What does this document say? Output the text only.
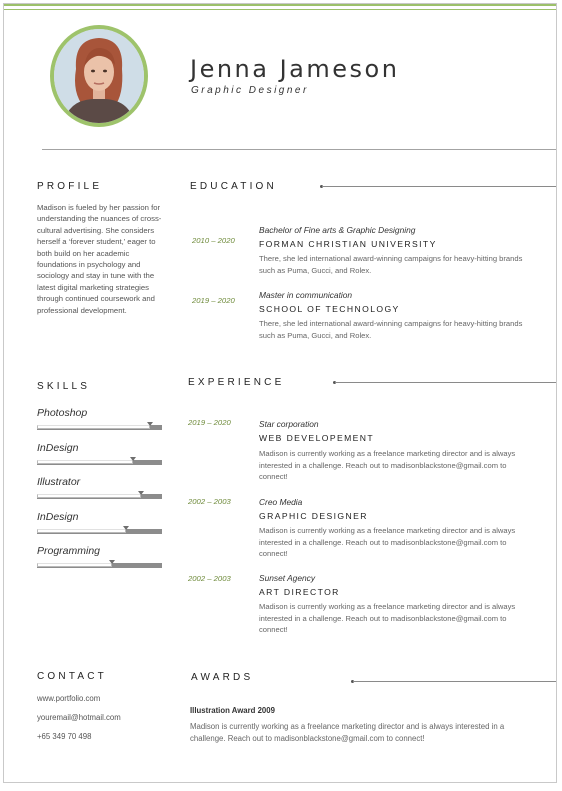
Jenna Jameson
Graphic Designer
PROFILE
Madison is fueled by her passion for understanding the nuances of cross-cultural advertising. She considers herself a ‘forever student,’ eager to both build on her academic foundations in psychology and sociology and stay in tune with the latest digital marketing strategies through continued coursework and professional development.
EDUCATION
2010 – 2020
Bachelor of Fine arts & Graphic Designing
FORMAN CHRISTIAN UNIVERSITY
There, she led international award-winning campaigns for heavy-hitting brands such as Puma, Gucci, and Rolex.
2019 – 2020
Master in communication
SCHOOL OF TECHNOLOGY
There, she led international award-winning campaigns for heavy-hitting brands such as Puma, Gucci, and Rolex.
SKILLS
Photoshop
InDesign
Illustrator
InDesign
Programming
EXPERIENCE
2019 – 2020	Star corporation
WEB DEVELOPEMENT
Madison is currently working as a freelance marketing director and is always interested in a challenge. Reach out to madisonblackstone@gmail.com to connect!
2002 – 2003	Creo Media
GRAPHIC DESIGNER
Madison is currently working as a freelance marketing director and is always interested in a challenge. Reach out to madisonblackstone@gmail.com to connect!
2002 – 2003	Sunset Agency
ART DIRECTOR
Madison is currently working as a freelance marketing director and is always interested in a challenge. Reach out to madisonblackstone@gmail.com to connect!
CONTACT
www.portfolio.com
youremail@hotmail.com
+65 349 70 498
AWARDS
Illustration Award 2009
Madison is currently working as a freelance marketing director and is always interested in a challenge. Reach out to madisonblackstone@gmail.com to connect!
